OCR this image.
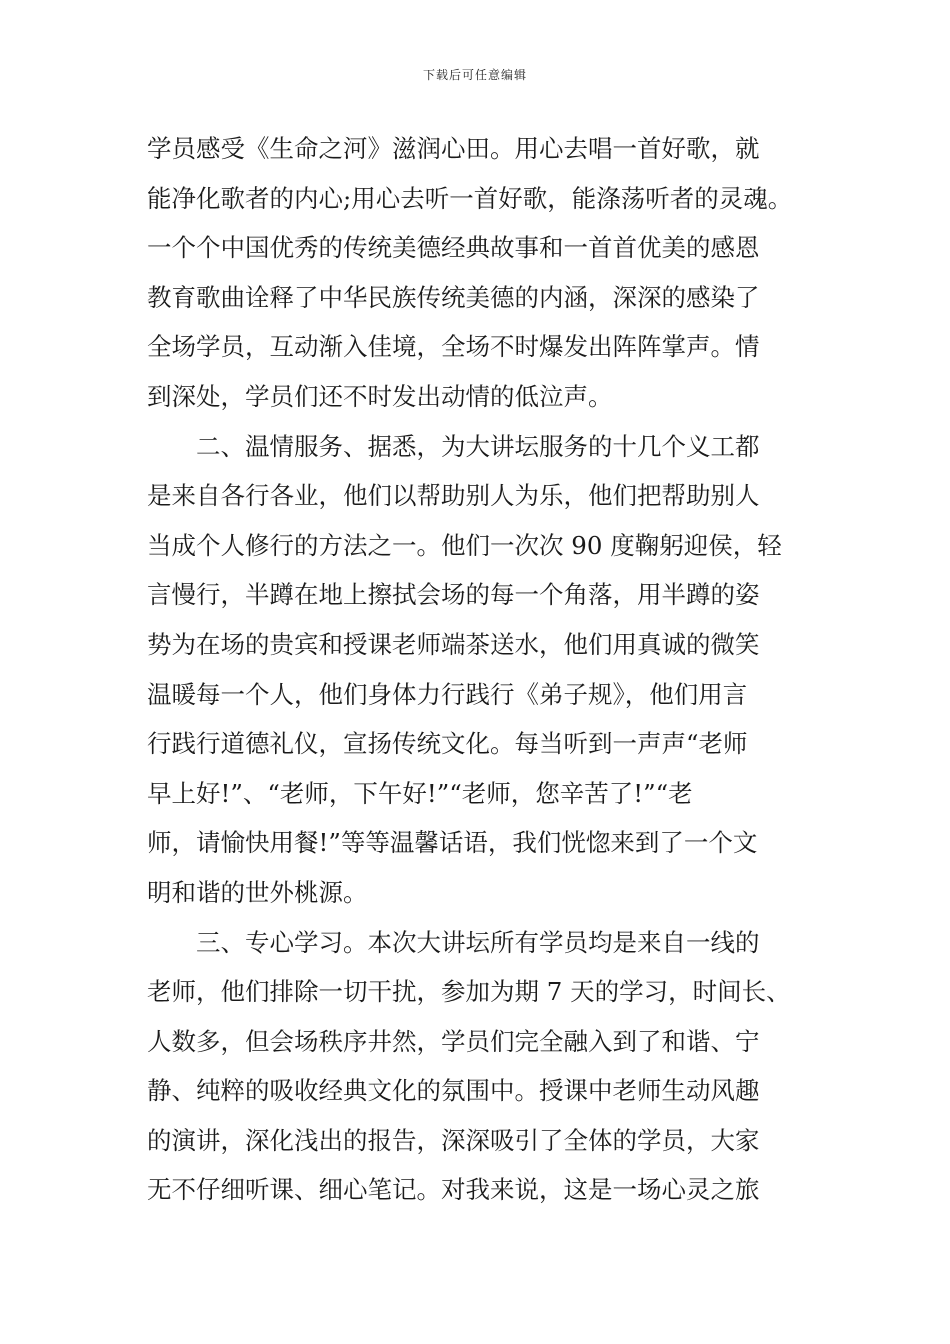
下载后可任意编辑
学员感受《生命之河》滋润心田。用心去唱一首好歌，就
能净化歌者的内心;用心去听一首好歌，能涤荡听者的灵魂。
一个个中国优秀的传统美德经典故事和一首首优美的感恩
教育歌曲诠释了中华民族传统美德的内涵，深深的感染了
全场学员，互动渐入佳境，全场不时爆发出阵阵掌声。情
到深处，学员们还不时发出动情的低泣声。
二、温情服务、据悉，为大讲坛服务的十几个义工都
是来自各行各业，他们以帮助别人为乐，他们把帮助别人
当成个人修行的方法之一。他们一次次 90 度鞠躬迎侯，轻
言慢行，半蹲在地上擦拭会场的每一个角落，用半蹲的姿
势为在场的贵宾和授课老师端茶送水，他们用真诚的微笑
温暖每一个人，他们身体力行践行《弟子规》，他们用言
行践行道德礼仪，宣扬传统文化。每当听到一声声“老师
早上好!”、“老师，下午好!”“老师，您辛苦了!”“老
师，请愉快用餐!”等等温馨话语，我们恍惚来到了一个文
明和谐的世外桃源。
三、专心学习。本次大讲坛所有学员均是来自一线的
老师，他们排除一切干扰，参加为期 7 天的学习，时间长、
人数多，但会场秩序井然，学员们完全融入到了和谐、宁
静、纯粹的吸收经典文化的氛围中。授课中老师生动风趣
的演讲，深化浅出的报告，深深吸引了全体的学员，大家
无不仔细听课、细心笔记。对我来说，这是一场心灵之旅
